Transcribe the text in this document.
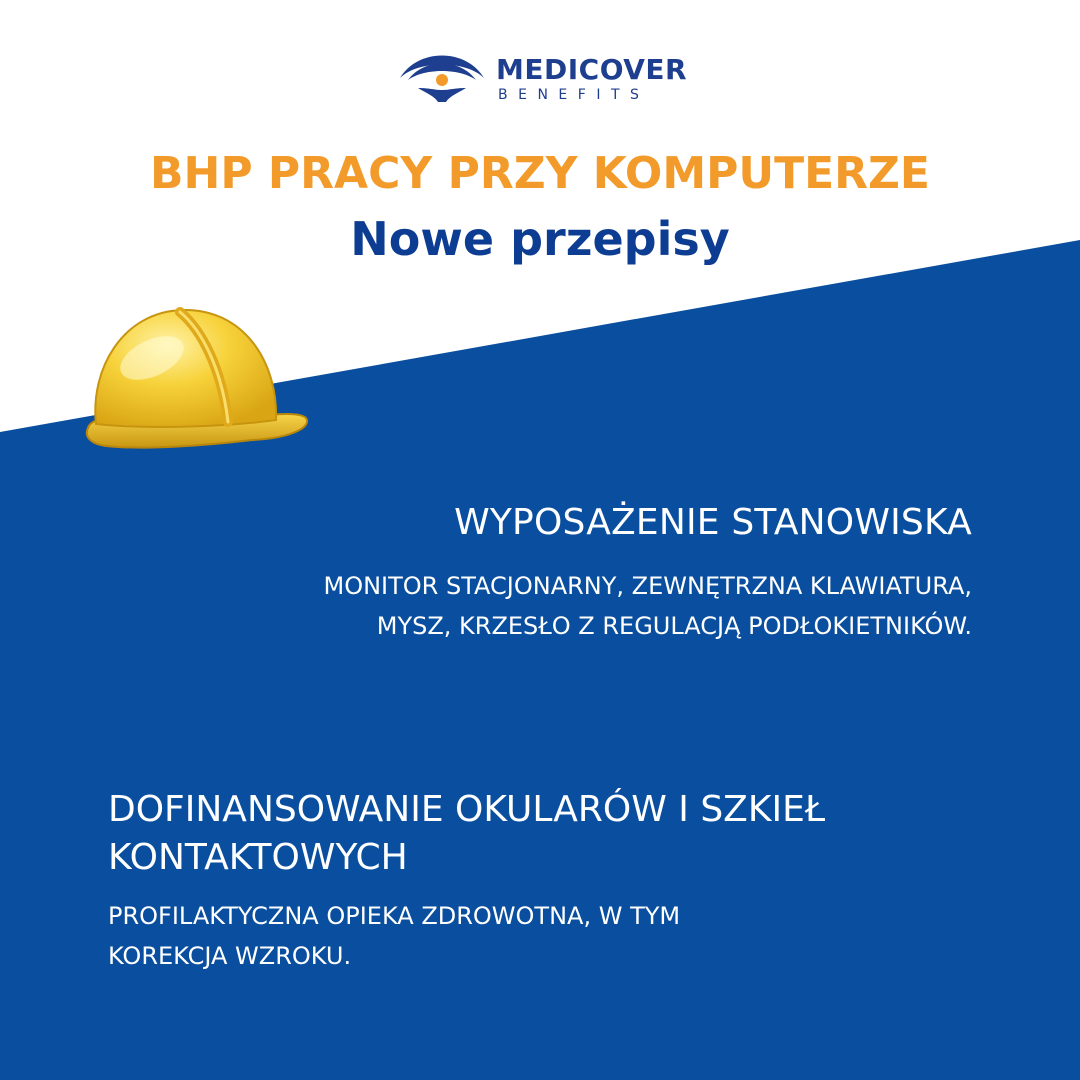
MEDICOVER
BENEFITS
BHP PRACY PRZY KOMPUTERZE
Nowe przepisy
WYPOSAŻENIE STANOWISKA
MONITOR STACJONARNY, ZEWNĘTRZNA KLAWIATURA, MYSZ, KRZESŁO Z REGULACJĄ PODŁOKIETNIKÓW.
DOFINANSOWANIE OKULARÓW I SZKIEŁ KONTAKTOWYCH
PROFILAKTYCZNA OPIEKA ZDROWOTNA, W TYM KOREKCJA WZROKU.
